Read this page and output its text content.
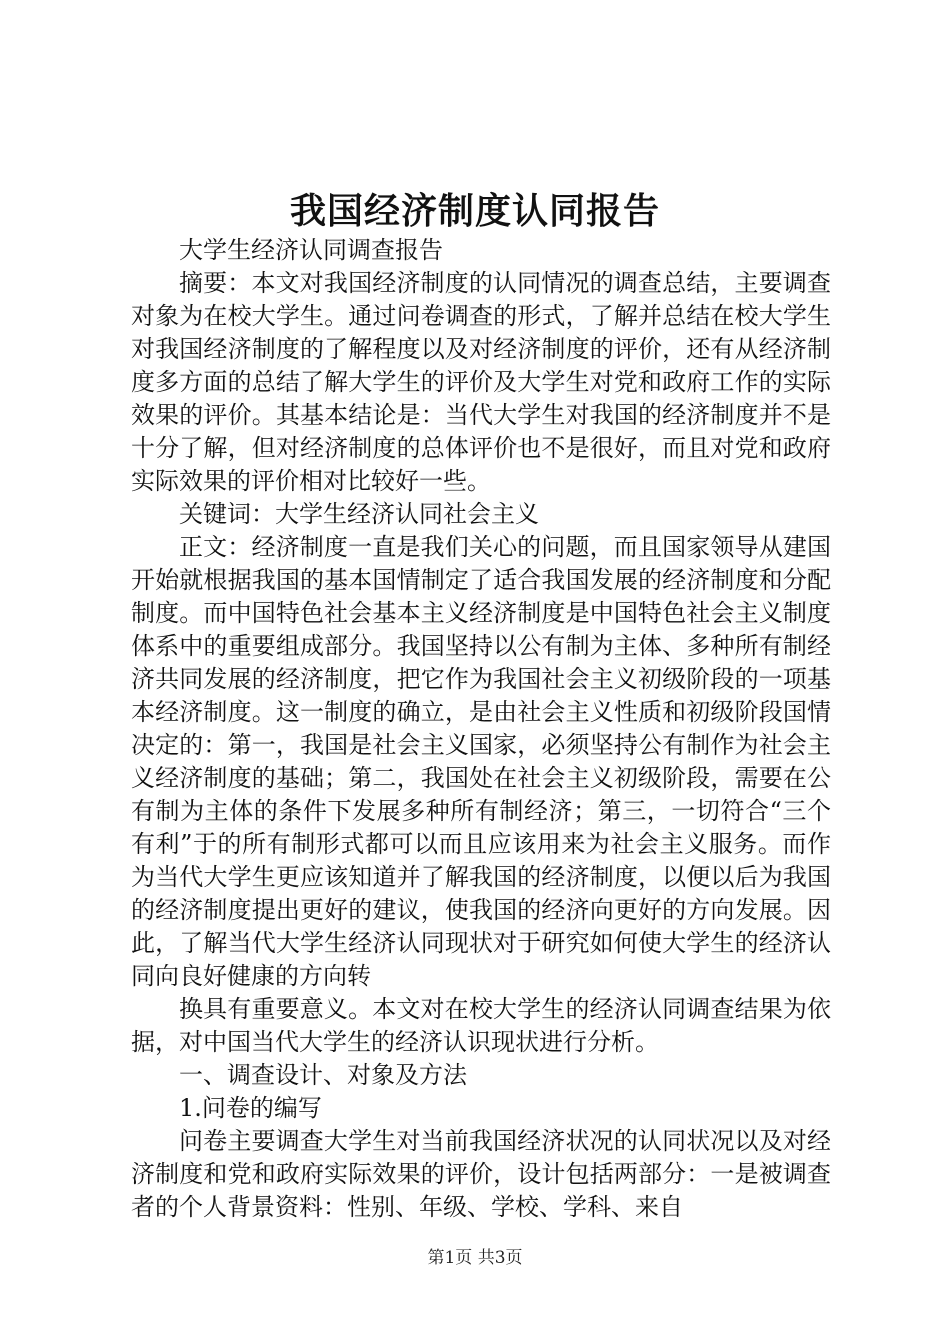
我国经济制度认同报告

大学生经济认同调查报告

摘要：本文对我国经济制度的认同情况的调查总结，主要调查对象为在校大学生。通过问卷调查的形式，了解并总结在校大学生对我国经济制度的了解程度以及对经济制度的评价，还有从经济制度多方面的总结了解大学生的评价及大学生对党和政府工作的实际效果的评价。其基本结论是：当代大学生对我国的经济制度并不是十分了解，但对经济制度的总体评价也不是很好，而且对党和政府实际效果的评价相对比较好一些。

关键词：大学生经济认同社会主义

正文：经济制度一直是我们关心的问题，而且国家领导从建国开始就根据我国的基本国情制定了适合我国发展的经济制度和分配制度。而中国特色社会基本主义经济制度是中国特色社会主义制度体系中的重要组成部分。我国坚持以公有制为主体、多种所有制经济共同发展的经济制度，把它作为我国社会主义初级阶段的一项基本经济制度。这一制度的确立，是由社会主义性质和初级阶段国情决定的：第一，我国是社会主义国家，必须坚持公有制作为社会主义经济制度的基础；第二，我国处在社会主义初级阶段，需要在公有制为主体的条件下发展多种所有制经济；第三，一切符合“三个有利”于的所有制形式都可以而且应该用来为社会主义服务。而作为当代大学生更应该知道并了解我国的经济制度，以便以后为我国的经济制度提出更好的建议，使我国的经济向更好的方向发展。因此，了解当代大学生经济认同现状对于研究如何使大学生的经济认同向良好健康的方向转

换具有重要意义。本文对在校大学生的经济认同调查结果为依据，对中国当代大学生的经济认识现状进行分析。

一、调查设计、对象及方法

1.问卷的编写

问卷主要调查大学生对当前我国经济状况的认同状况以及对经济制度和党和政府实际效果的评价，设计包括两部分：一是被调查者的个人背景资料：性别、年级、学校、学科、来自

第1页 共3页
